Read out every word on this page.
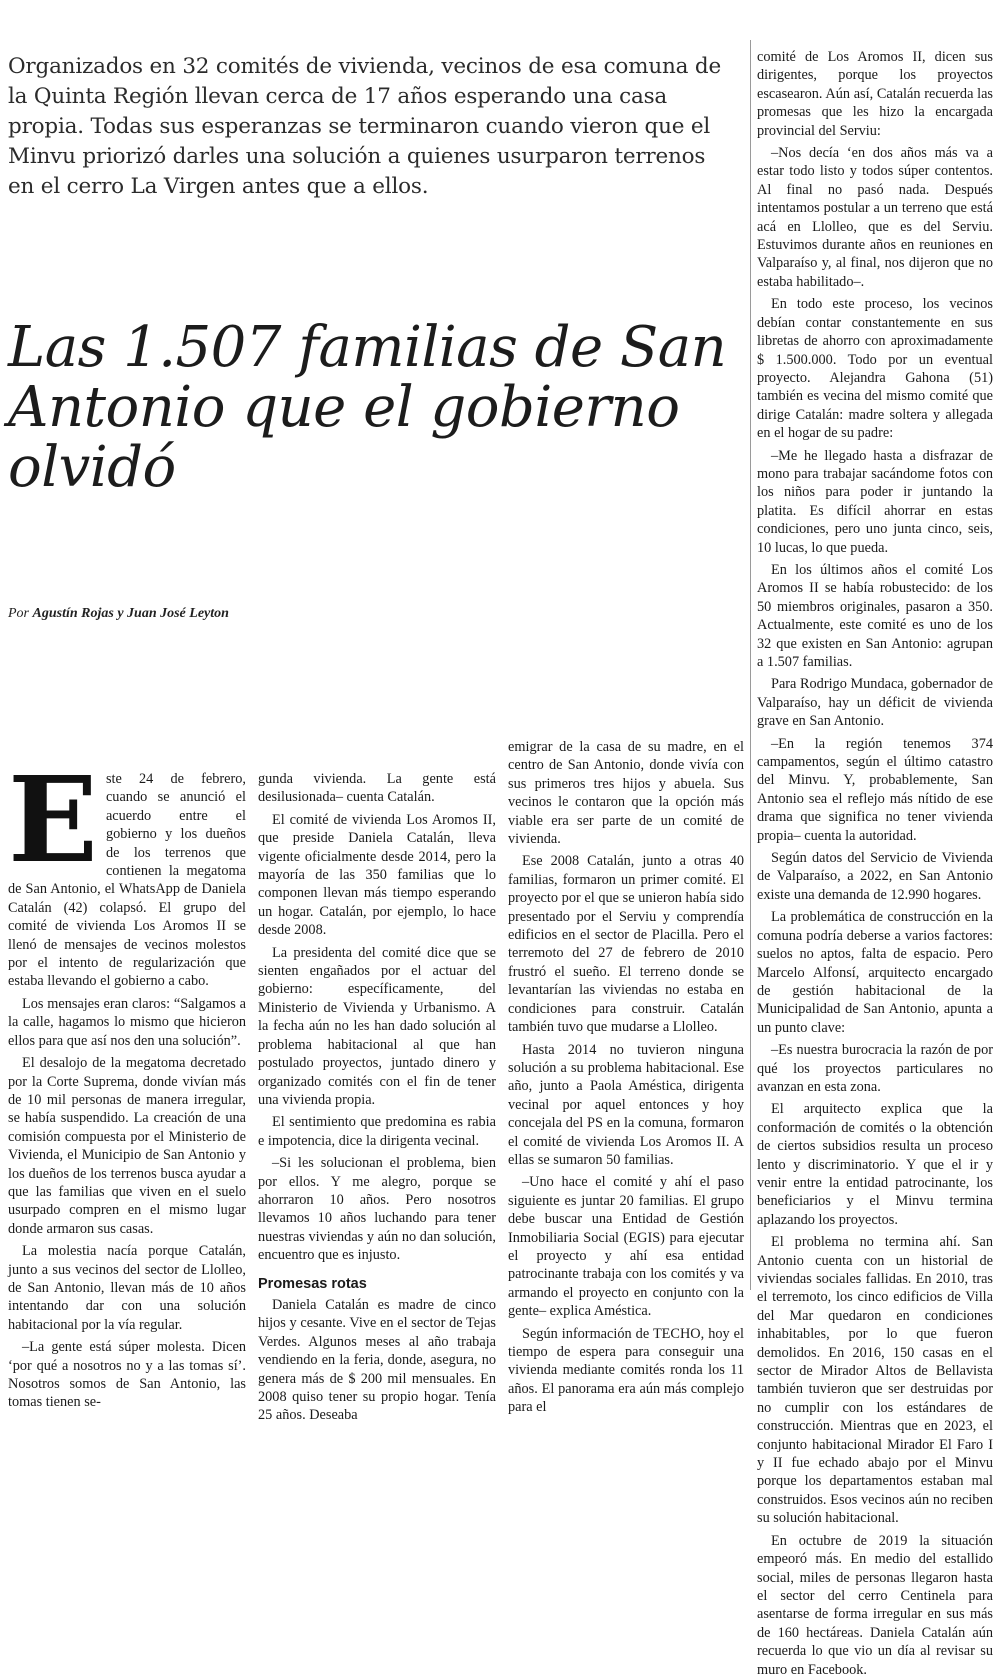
Organizados en 32 comités de vivienda, vecinos de esa comuna de la Quinta Región llevan cerca de 17 años esperando una casa propia. Todas sus esperanzas se terminaron cuando vieron que el Minvu priorizó darles una solución a quienes usurparon terrenos en el cerro La Virgen antes que a ellos.

Las 1.507 familias de San Antonio que el gobierno olvidó
Por Agustín Rojas y Juan José Leyton
E ste 24 de febrero, cuando se anunció el acuerdo entre el gobierno y los dueños de los terrenos que contienen la megatoma de San Antonio, el WhatsApp de Daniela Catalán (42) colapsó. El grupo del comité de vivienda Los Aromos II se llenó de mensajes de vecinos molestos por el intento de regularización que estaba llevando el gobierno a cabo.

Los mensajes eran claros: “Salgamos a la calle, hagamos lo mismo que hicieron ellos para que así nos den una solución”.

El desalojo de la megatoma decretado por la Corte Suprema, donde vivían más de 10 mil personas de manera irregular, se había suspendido. La creación de una comisión compuesta por el Ministerio de Vivienda, el Municipio de San Antonio y los dueños de los terrenos busca ayudar a que las familias que viven en el suelo usurpado compren en el mismo lugar donde armaron sus casas.

La molestia nacía porque Catalán, junto a sus vecinos del sector de Llolleo, de San Antonio, llevan más de 10 años intentando dar con una solución habitacional por la vía regular.

–La gente está súper molesta. Dicen ‘por qué a nosotros no y a las tomas sí’. Nosotros somos de San Antonio, las tomas tienen se-

gunda vivienda. La gente está desilusionada– cuenta Catalán.

El comité de vivienda Los Aromos II, que preside Daniela Catalán, lleva vigente oficialmente desde 2014, pero la mayoría de las 350 familias que lo componen llevan más tiempo esperando un hogar. Catalán, por ejemplo, lo hace desde 2008.

La presidenta del comité dice que se sienten engañados por el actuar del gobierno: específicamente, del Ministerio de Vivienda y Urbanismo. A la fecha aún no les han dado solución al problema habitacional al que han postulado proyectos, juntado dinero y organizado comités con el fin de tener una vivienda propia.

El sentimiento que predomina es rabia e impotencia, dice la dirigenta vecinal.

–Si les solucionan el problema, bien por ellos. Y me alegro, porque se ahorraron 10 años. Pero nosotros llevamos 10 años luchando para tener nuestras viviendas y aún no dan solución, encuentro que es injusto.

Promesas rotas

Daniela Catalán es madre de cinco hijos y cesante. Vive en el sector de Tejas Verdes. Algunos meses al año trabaja vendiendo en la feria, donde, asegura, no genera más de $ 200 mil mensuales. En 2008 quiso tener su propio hogar. Tenía 25 años. Deseaba

emigrar de la casa de su madre, en el centro de San Antonio, donde vivía con sus primeros tres hijos y abuela. Sus vecinos le contaron que la opción más viable era ser parte de un comité de vivienda.

Ese 2008 Catalán, junto a otras 40 familias, formaron un primer comité. El proyecto por el que se unieron había sido presentado por el Serviu y comprendía edificios en el sector de Placilla. Pero el terremoto del 27 de febrero de 2010 frustró el sueño. El terreno donde se levantarían las viviendas no estaba en condiciones para construir. Catalán también tuvo que mudarse a Llolleo.

Hasta 2014 no tuvieron ninguna solución a su problema habitacional. Ese año, junto a Paola Améstica, dirigenta vecinal por aquel entonces y hoy concejala del PS en la comuna, formaron el comité de vivienda Los Aromos II. A ellas se sumaron 50 familias.

–Uno hace el comité y ahí el paso siguiente es juntar 20 familias. El grupo debe buscar una Entidad de Gestión Inmobiliaria Social (EGIS) para ejecutar el proyecto y ahí esa entidad patrocinante trabaja con los comités y va armando el proyecto en conjunto con la gente– explica Améstica.

Según información de TECHO, hoy el tiempo de espera para conseguir una vivienda mediante comités ronda los 11 años. El panorama era aún más complejo para el

comité de Los Aromos II, dicen sus dirigentes, porque los proyectos escasearon. Aún así, Catalán recuerda las promesas que les hizo la encargada provincial del Serviu:

–Nos decía ‘en dos años más va a estar todo listo y todos súper contentos. Al final no pasó nada. Después intentamos postular a un terreno que está acá en Llolleo, que es del Serviu. Estuvimos durante años en reuniones en Valparaíso y, al final, nos dijeron que no estaba habilitado–.

En todo este proceso, los vecinos debían contar constantemente en sus libretas de ahorro con aproximadamente $ 1.500.000. Todo por un eventual proyecto. Alejandra Gahona (51) también es vecina del mismo comité que dirige Catalán: madre soltera y allegada en el hogar de su padre:

–Me he llegado hasta a disfrazar de mono para trabajar sacándome fotos con los niños para poder ir juntando la platita. Es difícil ahorrar en estas condiciones, pero uno junta cinco, seis, 10 lucas, lo que pueda.

En los últimos años el comité Los Aromos II se había robustecido: de los 50 miembros originales, pasaron a 350. Actualmente, este comité es uno de los 32 que existen en San Antonio: agrupan a 1.507 familias.

Para Rodrigo Mundaca, gobernador de Valparaíso, hay un déficit de vivienda grave en San Antonio.

–En la región tenemos 374 campamentos, según el último catastro del Minvu. Y, probablemente, San Antonio sea el reflejo más nítido de ese drama que significa no tener vivienda propia– cuenta la autoridad.

Según datos del Servicio de Vivienda de Valparaíso, a 2022, en San Antonio existe una demanda de 12.990 hogares.

La problemática de construcción en la comuna podría deberse a varios factores: suelos no aptos, falta de espacio. Pero Marcelo Alfonsí, arquitecto encargado de gestión habitacional de la Municipalidad de San Antonio, apunta a un punto clave:

–Es nuestra burocracia la razón de por qué los proyectos particulares no avanzan en esta zona.

El arquitecto explica que la conformación de comités o la obtención de ciertos subsidios resulta un proceso lento y discriminatorio. Y que el ir y venir entre la entidad patrocinante, los beneficiarios y el Minvu termina aplazando los proyectos.

El problema no termina ahí. San Antonio cuenta con un historial de viviendas sociales fallidas. En 2010, tras el terremoto, los cinco edificios de Villa del Mar quedaron en condiciones inhabitables, por lo que fueron demolidos. En 2016, 150 casas en el sector de Mirador Altos de Bellavista también tuvieron que ser destruidas por no cumplir con los estándares de construcción. Mientras que en 2023, el conjunto habitacional Mirador El Faro I y II fue echado abajo por el Minvu porque los departamentos estaban mal construidos. Esos vecinos aún no reciben su solución habitacional.

En octubre de 2019 la situación empeoró más. En medio del estallido social, miles de personas llegaron hasta el sector del cerro Centinela para asentarse de forma irregular en sus más de 160 hectáreas. Daniela Catalán aún recuerda lo que vio un día al revisar su muro en Facebook.
